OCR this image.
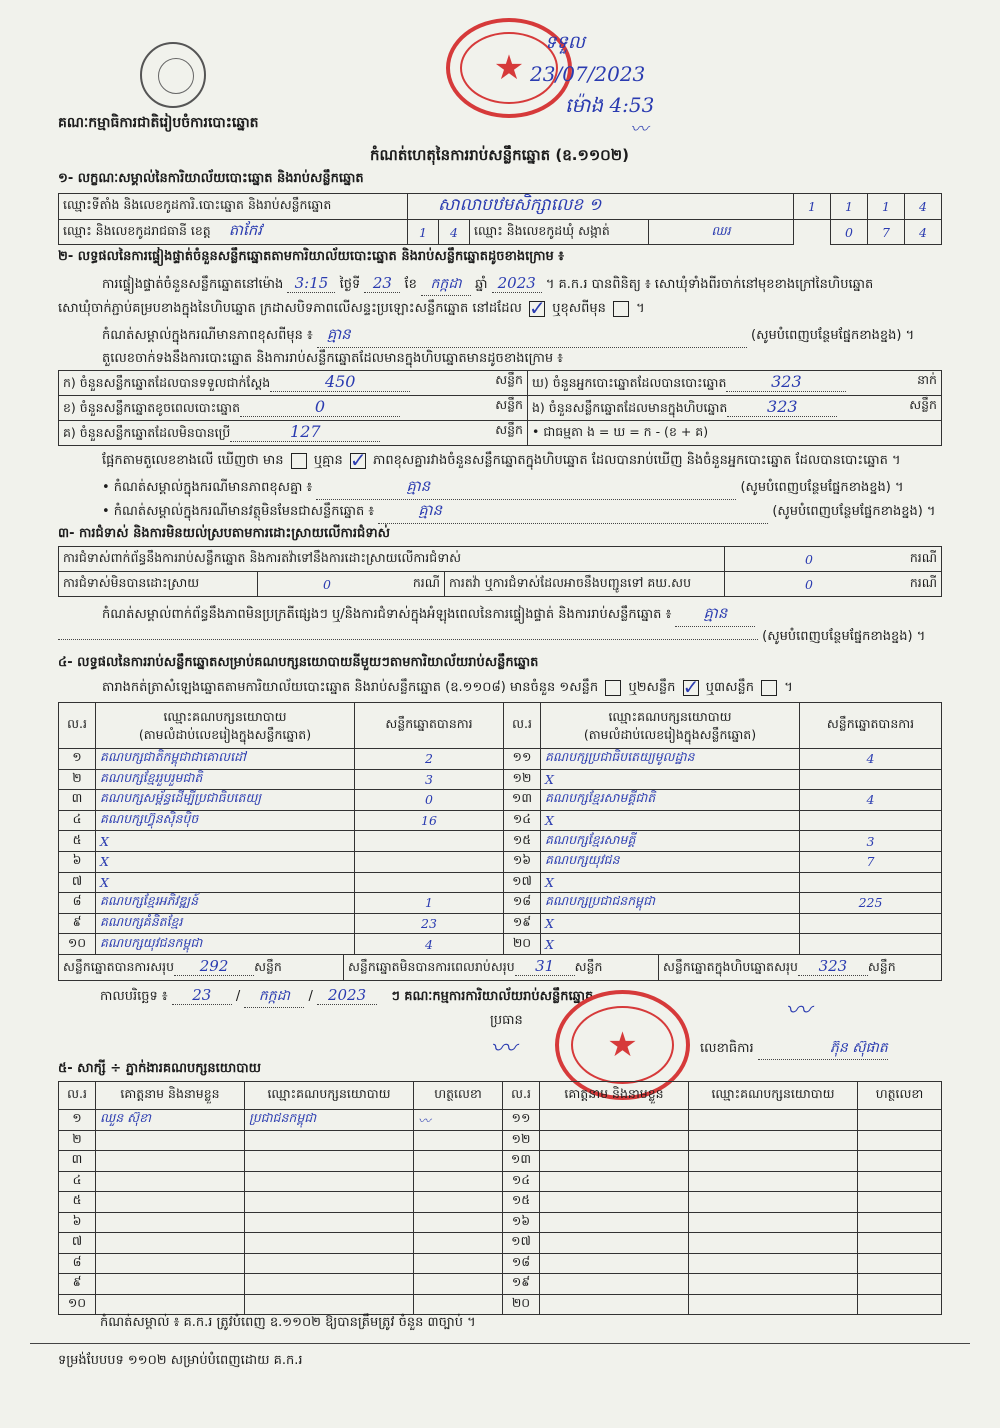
គណៈកម្មាធិការជាតិរៀបចំការបោះឆ្នោត
★
ទទួល
23/07/2023
ម៉ោង 4:53
〰
កំណត់ហេតុនៃការរាប់សន្លឹកឆ្នោត (ឧ.១១០២)
១- លក្ខណៈសម្គាល់នៃការិយាល័យបោះឆ្នោត និងរាប់សន្លឹកឆ្នោត
ឈ្មោះទីតាំង និងលេខកូដការិ.បោះឆ្នោត និងរាប់សន្លឹកឆ្នោត	សាលាបឋមសិក្សាលេខ ១				1	1	1	4
ឈ្មោះ និងលេខកូដរាជធានី ខេត្ត តាកែវ	1	4	ឈ្មោះ និងលេខកូដឃុំ សង្កាត់	ឈរ		0	7	4
២- លទ្ធផលនៃការផ្ទៀងផ្ទាត់ចំនួនសន្លឹកឆ្នោតតាមការិយាល័យបោះឆ្នោត និងរាប់សន្លឹកឆ្នោតដូចខាងក្រោម ៖
ការផ្ទៀងផ្ទាត់ចំនួនសន្លឹកឆ្នោតនៅម៉ោង 3:15 ថ្ងៃទី 23 ខែ កក្កដា ឆ្នាំ 2023 ។ គ.ក.រ បានពិនិត្យ ៖ សោឃុំទាំងពីរចាក់នៅមុខខាងក្រៅនៃហិបឆ្នោត
សោឃុំចាក់ភ្ជាប់គម្របខាងក្នុងនៃហិបឆ្នោត ក្រដាសបិទភាពលើសន្ទះប្រឡោះសន្លឹកឆ្នោត នៅដដែល ✓ ឬខុសពីមុន  ។
កំណត់សម្គាល់ក្នុងករណីមានភាពខុសពីមុន ៖ គ្មាន	(សូមបំពេញបន្ថែមផ្នែកខាងខ្នង) ។
តួលេខចាក់ទងនឹងការបោះឆ្នោត និងការរាប់សន្លឹកឆ្នោតដែលមានក្នុងហិបឆ្នោតមានដូចខាងក្រោម ៖
ក) ចំនួនសន្លឹកឆ្នោតដែលបានទទួលជាក់ស្តែង 450 សន្លឹក	ឃ) ចំនួនអ្នកបោះឆ្នោតដែលបានបោះឆ្នោត 323 នាក់

ខ) ចំនួនសន្លឹកឆ្នោតខូចពេលបោះឆ្នោត 0 សន្លឹក	ង) ចំនួនសន្លឹកឆ្នោតដែលមានក្នុងហិបឆ្នោត 323 សន្លឹក

គ) ចំនួនសន្លឹកឆ្នោតដែលមិនបានប្រើ 127 សន្លឹក	• ជាធម្មតា ង = ឃ = ក - (ខ + គ)
ផ្អែកតាមតួលេខខាងលើ ឃើញថា មាន ឬគ្មាន ✓ ភាពខុសគ្នារវាងចំនួនសន្លឹកឆ្នោតក្នុងហិបឆ្នោត ដែលបានរាប់ឃើញ និងចំនួនអ្នកបោះឆ្នោត ដែលបានបោះឆ្នោត ។
• កំណត់សម្គាល់ក្នុងករណីមានភាពខុសគ្នា ៖	គ្មាន	(សូមបំពេញបន្ថែមផ្នែកខាងខ្នង) ។
• កំណត់សម្គាល់ក្នុងករណីមានវត្ថុមិនមែនជាសន្លឹកឆ្នោត ៖	គ្មាន	(សូមបំពេញបន្ថែមផ្នែកខាងខ្នង) ។
៣- ការជំទាស់ និងការមិនយល់ស្របតាមការដោះស្រាយលើការជំទាស់
ការជំទាស់ពាក់ព័ន្ធនឹងការរាប់សន្លឹកឆ្នោត និងការតវ៉ាទៅនឹងការដោះស្រាយលើការជំទាស់				0	ករណី
ការជំទាស់មិនបានដោះស្រាយ	0	ករណី	ការតវ៉ា ឬការជំទាស់ដែលអាចនឹងបញ្ជូនទៅ គឃ.សប	0	ករណី
កំណត់សម្គាល់ពាក់ព័ន្ធនឹងភាពមិនប្រក្រតីផ្សេងៗ ឬ/និងការជំទាស់ក្នុងអំឡុងពេលនៃការផ្ទៀងផ្ទាត់ និងការរាប់សន្លឹកឆ្នោត ៖ គ្មាន
(សូមបំពេញបន្ថែមផ្នែកខាងខ្នង) ។
៤- លទ្ធផលនៃការរាប់សន្លឹកឆ្នោតសម្រាប់គណបក្សនយោបាយនីមួយៗតាមការិយាល័យរាប់សន្លឹកឆ្នោត
តារាងកត់ត្រាសំឡេងឆ្នោតតាមការិយាល័យបោះឆ្នោត និងរាប់សន្លឹកឆ្នោត (ឧ.១១០៨) មានចំនួន ១សន្លឹក ឬ២សន្លឹក ✓ ឬ៣សន្លឹក  ។
ល.រ	ឈ្មោះគណបក្សនយោបាយ
(តាមលំដាប់លេខរៀងក្នុងសន្លឹកឆ្នោត)	សន្លឹកឆ្នោតបានការ	ល.រ	ឈ្មោះគណបក្សនយោបាយ
(តាមលំដាប់លេខរៀងក្នុងសន្លឹកឆ្នោត)	សន្លឹកឆ្នោតបានការ
១	គណបក្សជាតិកម្ពុជាជាគោលដៅ	2	១១	គណបក្សប្រជាធិបតេយ្យមូលដ្ឋាន	4
២	គណបក្សខ្មែររួបរួមជាតិ	3	១២	X	
៣	គណបក្សសម្ព័ន្ធដើម្បីប្រជាធិបតេយ្យ	0	១៣	គណបក្សខ្មែរសាមគ្គីជាតិ	4
៤	គណបក្សហ៊្វុនស៊ិនប៉ិច	16	១៤	X	
៥	X		១៥	គណបក្សខ្មែរសាមគ្គី	3
៦	X		១៦	គណបក្សយុវជន	7
៧	X		១៧	X	
៨	គណបក្សខ្មែរអភិវឌ្ឍន៍	1	១៨	គណបក្សប្រជាជនកម្ពុជា	225
៩	គណបក្សគំនិតខ្មែរ	23	១៩	X	
១០	គណបក្សយុវជនកម្ពុជា	4	២០	X	
សន្លឹកឆ្នោតបានការសរុប 292 សន្លឹក	សន្លឹកឆ្នោតមិនបានការពេលរាប់សរុប 31 សន្លឹក	សន្លឹកឆ្នោតក្នុងហិបឆ្នោតសរុប 323 សន្លឹក
កាលបរិច្ឆេទ ៖ 23 / កក្កដា / 2023 ៗ គណៈកម្មការការិយាល័យរាប់សន្លឹកឆ្នោត
ប្រធាន
〰	★
〰
លេខាធិការ	ភ៊ុន ស៊ុផាត
៥- សាក្សី ÷ ភ្នាក់ងារគណបក្សនយោបាយ
ល.រ	គោត្តនាម និងនាមខ្លួន	ឈ្មោះគណបក្សនយោបាយ	ហត្ថលេខា	ល.រ	គោត្តនាម និងនាមខ្លួន	ឈ្មោះគណបក្សនយោបាយ	ហត្ថលេខា
១	ឈួន ស៊ុខា	ប្រជាជនកម្ពុជា	〰	១១			
២				១២			
៣				១៣			
៤				១៤			
៥				១៥			
៦				១៦			
៧				១៧			
៨				១៨			
៩				១៩			
១០				២០			
កំណត់សម្គាល់ ៖ គ.ក.រ ត្រូវបំពេញ ឧ.១១០២ ឱ្យបានត្រឹមត្រូវ ចំនួន ៣ច្បាប់ ។
ទម្រង់បែបបទ ១១០២ សម្រាប់បំពេញដោយ គ.ក.រ
